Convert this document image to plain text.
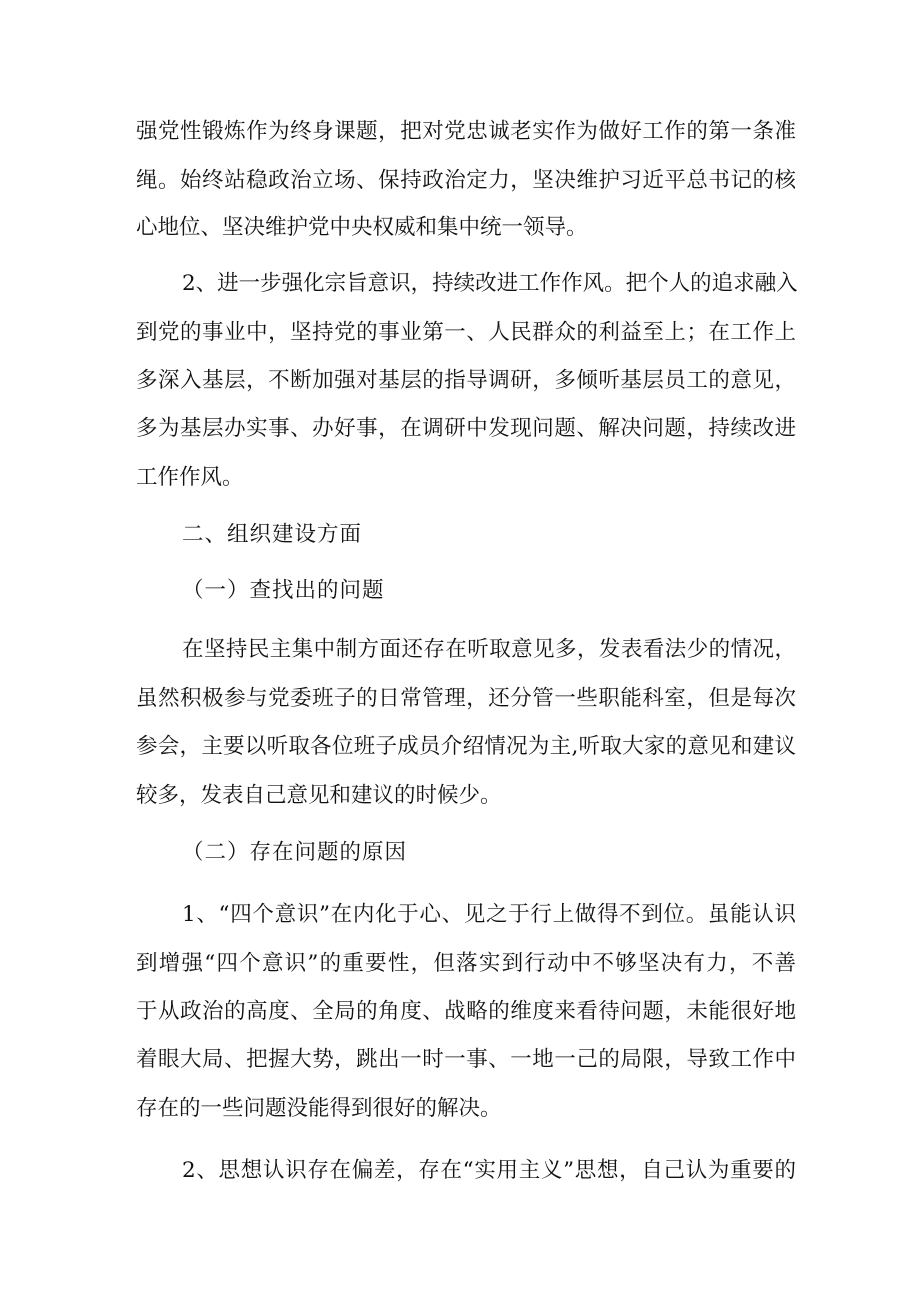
强党性锻炼作为终身课题，把对党忠诚老实作为做好工作的第一条准
绳。始终站稳政治立场、保持政治定力，坚决维护习近平总书记的核
心地位、坚决维护党中央权威和集中统一领导。
2、进一步强化宗旨意识，持续改进工作作风。把个人的追求融入
到党的事业中，坚持党的事业第一、人民群众的利益至上；在工作上
多深入基层，不断加强对基层的指导调研，多倾听基层员工的意见，
多为基层办实事、办好事，在调研中发现问题、解决问题，持续改进
工作作风。
二、组织建设方面
（一）查找出的问题
在坚持民主集中制方面还存在听取意见多，发表看法少的情况，
虽然积极参与党委班子的日常管理，还分管一些职能科室，但是每次
参会，主要以听取各位班子成员介绍情况为主,听取大家的意见和建议
较多，发表自己意见和建议的时候少。
（二）存在问题的原因
1、“四个意识”在内化于心、见之于行上做得不到位。虽能认识
到增强“四个意识”的重要性，但落实到行动中不够坚决有力，不善
于从政治的高度、全局的角度、战略的维度来看待问题，未能很好地
着眼大局、把握大势，跳出一时一事、一地一己的局限，导致工作中
存在的一些问题没能得到很好的解决。
2、思想认识存在偏差，存在“实用主义”思想，自己认为重要的
